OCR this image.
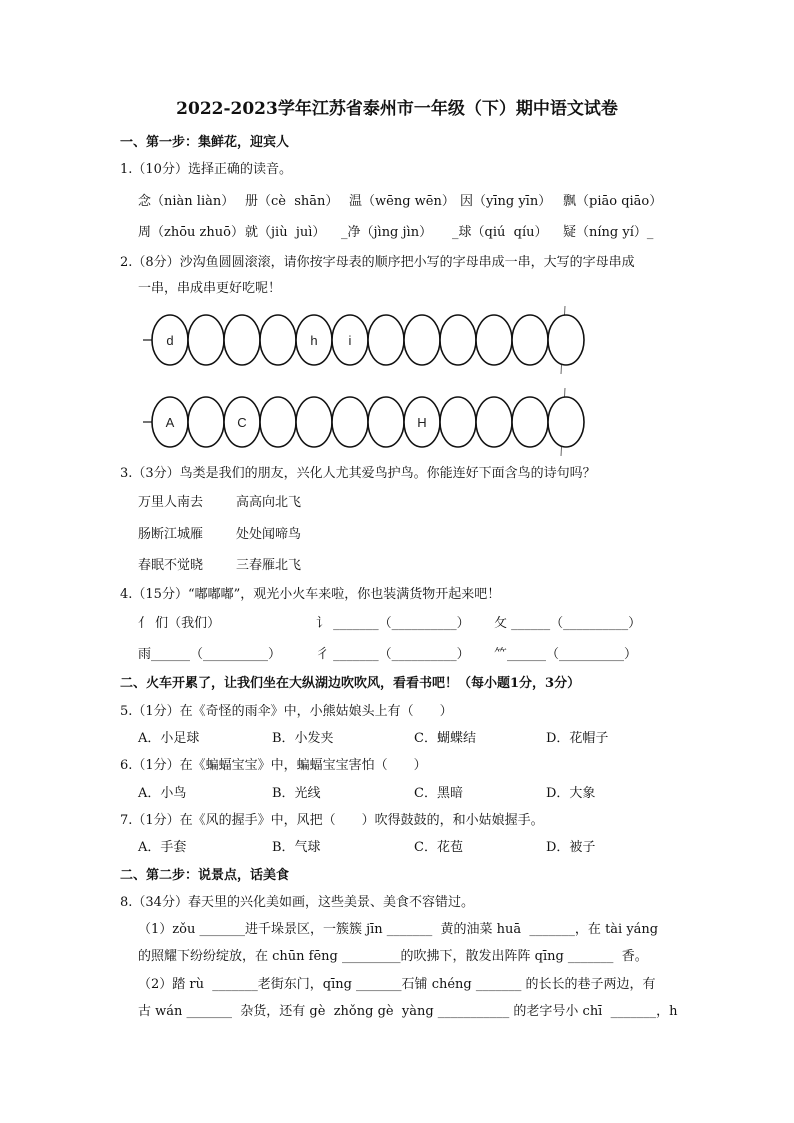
2022-2023学年江苏省泰州市一年级（下）期中语文试卷
一、第一步：集鲜花，迎宾人
1.（10分）选择正确的读音。
念（niàn liàn） 册（cè  shān） 温（wēng wēn） 因（yīng yīn） 飘（piāo qiāo）
周（zhōu zhuō） 就（jiù  juì） _净（jìng jìn） _球（qiú  qíu） 疑（níng yí）_
2.（8分）沙沟鱼圆圆滚滚，请你按字母表的顺序把小写的字母串成一串，大写的字母串成
一串，串成串更好吃呢！
d	h i
A	C	H
3.（3分）鸟类是我们的朋友，兴化人尤其爱鸟护鸟。你能连好下面含鸟的诗句吗？
万里人南去	高高向北飞
肠断江城雁	处处闻啼鸟
春眠不觉晓	三春雁北飞
4.（15分）“嘟嘟嘟”，观光小火车来啦，你也装满货物开起来吧！
亻 们（我们）	讠 _______（__________） 攵 ______（__________）
雨______（__________）	彳 _______（__________） ⺮______（__________）
二、火车开累了，让我们坐在大纵湖边吹吹风，看看书吧！（每小题1分，3分）
5.（1分）在《奇怪的雨伞》中，小熊姑娘头上有（　　）
A．小足球	B．小发夹	C．蝴蝶结	D．花帽子
6.（1分）在《蝙蝠宝宝》中，蝙蝠宝宝害怕（　　）
A．小鸟	B．光线	C．黑暗	D．大象
7.（1分）在《风的握手》中，风把（　　）吹得鼓鼓的，和小姑娘握手。
A．手套	B．气球	C．花苞	D．被子
二、第二步：说景点，话美食
8.（34分）春天里的兴化美如画，这些美景、美食不容错过。
（1）zǒu _______进千垛景区，一簇簇 jīn _______  黄的油菜 huā  _______，在 tài yáng
的照耀下纷纷绽放，在 chūn fēng _________的吹拂下，散发出阵阵 qīng _______  香。
（2）踏 rù  _______老街东门，qīng _______石铺 chéng _______ 的长长的巷子两边，有
古 wán _______  杂货，还有 gè  zhǒng gè  yàng ___________ 的老字号小 chī  _______，h
